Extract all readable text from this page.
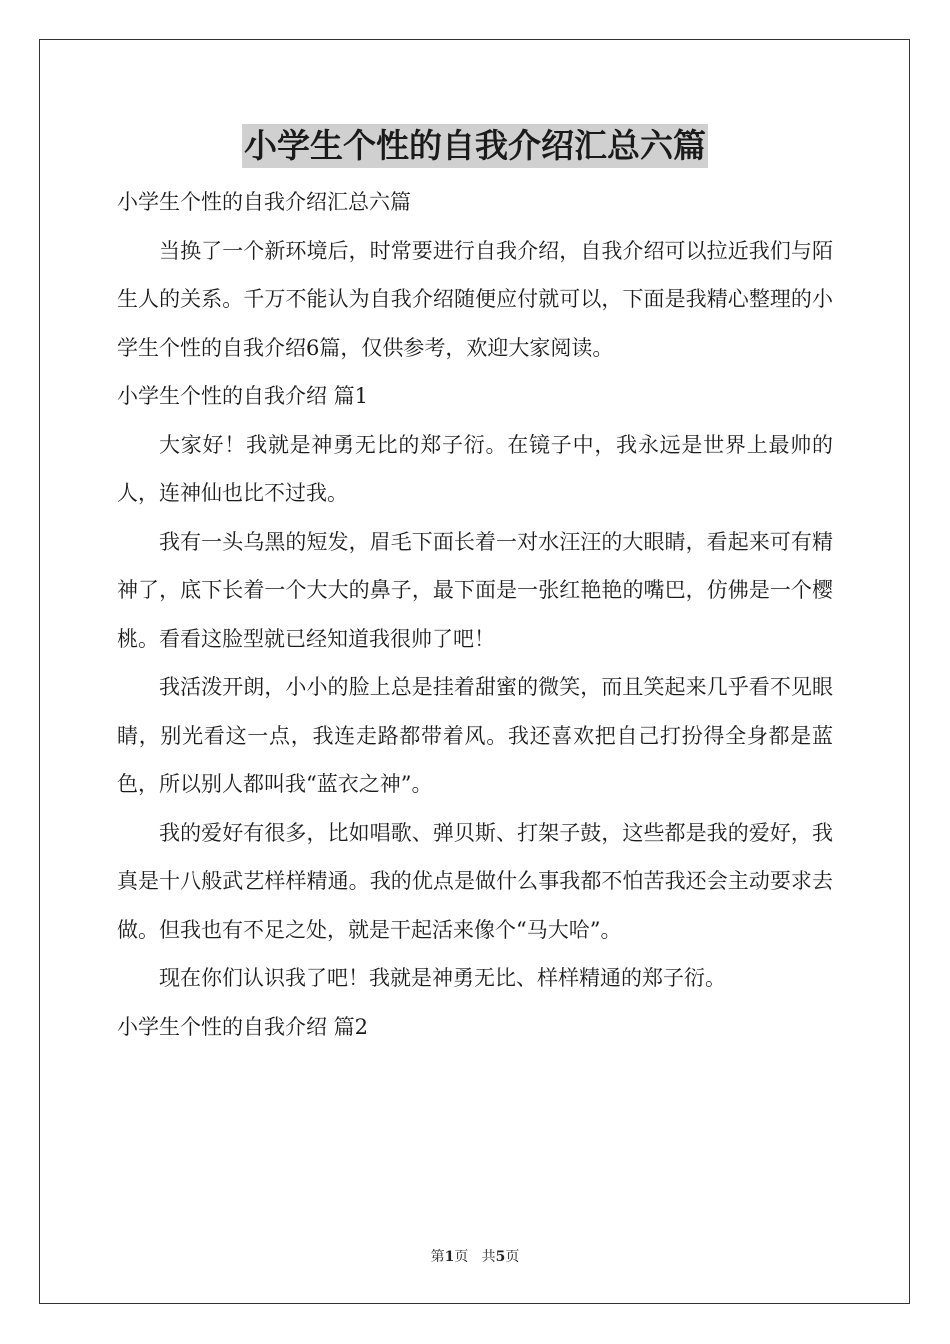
小学生个性的自我介绍汇总六篇

小学生个性的自我介绍汇总六篇

当换了一个新环境后，时常要进行自我介绍，自我介绍可以拉近我们与陌生人的关系。千万不能认为自我介绍随便应付就可以，下面是我精心整理的小学生个性的自我介绍6篇，仅供参考，欢迎大家阅读。

小学生个性的自我介绍 篇1

大家好！我就是神勇无比的郑子衍。在镜子中，我永远是世界上最帅的人，连神仙也比不过我。

我有一头乌黑的短发，眉毛下面长着一对水汪汪的大眼睛，看起来可有精神了，底下长着一个大大的鼻子，最下面是一张红艳艳的嘴巴，仿佛是一个樱桃。看看这脸型就已经知道我很帅了吧！

我活泼开朗，小小的脸上总是挂着甜蜜的微笑，而且笑起来几乎看不见眼睛，别光看这一点，我连走路都带着风。我还喜欢把自己打扮得全身都是蓝色，所以别人都叫我“蓝衣之神”。

我的爱好有很多，比如唱歌、弹贝斯、打架子鼓，这些都是我的爱好，我真是十八般武艺样样精通。我的优点是做什么事我都不怕苦我还会主动要求去做。但我也有不足之处，就是干起活来像个“马大哈”。

现在你们认识我了吧！我就是神勇无比、样样精通的郑子衍。

小学生个性的自我介绍 篇2

第1页   共5页
